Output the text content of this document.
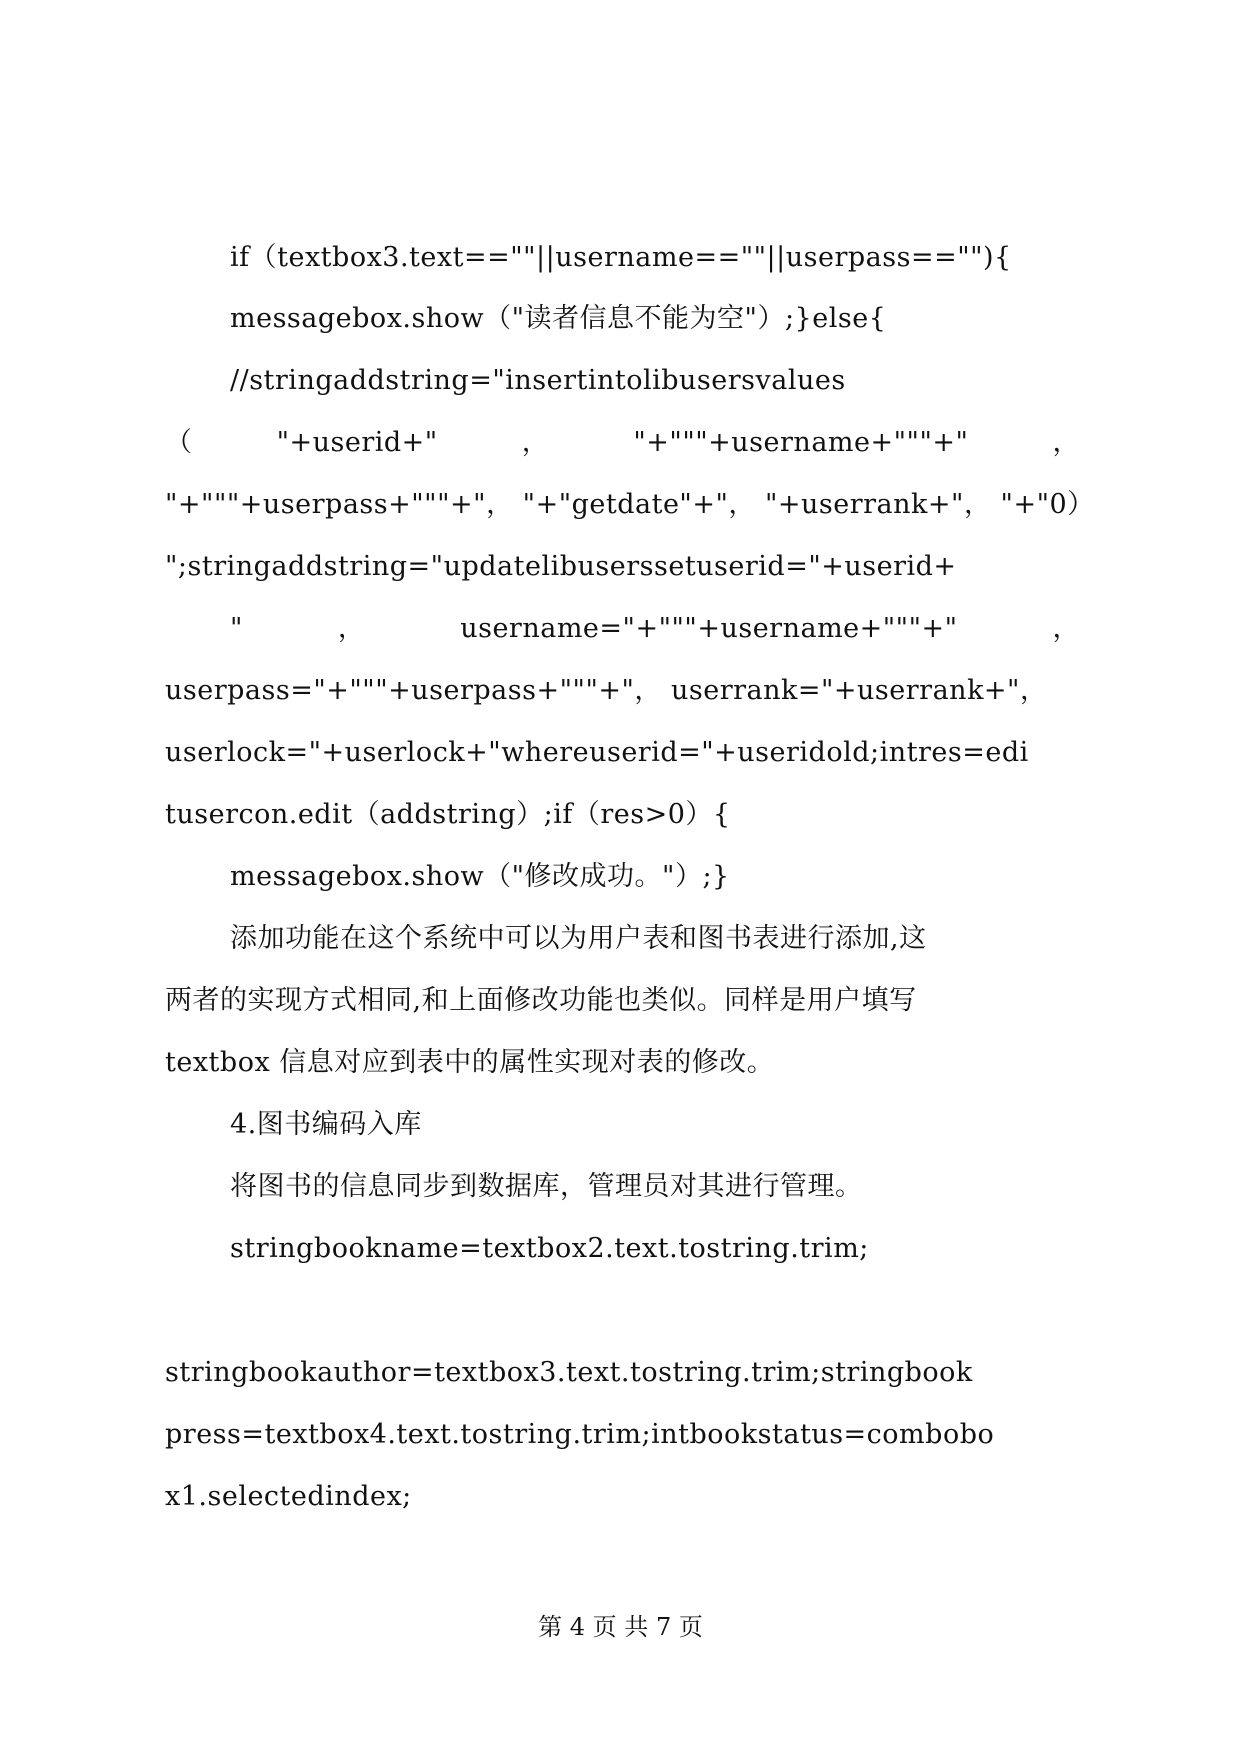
if（textbox3.text==""||username==""||userpass==""){
messagebox.show（"读者信息不能为空"）;}else{
//stringaddstring="insertintolibusersvalues
（	"+userid+"	，	"+"""+username+"""+"	，
"+"""+userpass+"""+"， "+"getdate"+"， "+userrank+"， "+"0）
";stringaddstring="updatelibuserssetuserid="+userid+
"	，	username="+"""+username+"""+"	，
userpass="+"""+userpass+"""+"， userrank="+userrank+"，
userlock="+userlock+"whereuserid="+useridold;intres=edi
tusercon.edit（addstring）;if（res>0）{
messagebox.show（"修改成功。"）;}
添加功能在这个系统中可以为用户表和图书表进行添加,这
两者的实现方式相同,和上面修改功能也类似。同样是用户填写
textbox 信息对应到表中的属性实现对表的修改。
4.图书编码入库
将图书的信息同步到数据库，管理员对其进行管理。
stringbookname=textbox2.text.tostring.trim;
stringbookauthor=textbox3.text.tostring.trim;stringbook
press=textbox4.text.tostring.trim;intbookstatus=combobo
x1.selectedindex;
第 4 页 共 7 页
